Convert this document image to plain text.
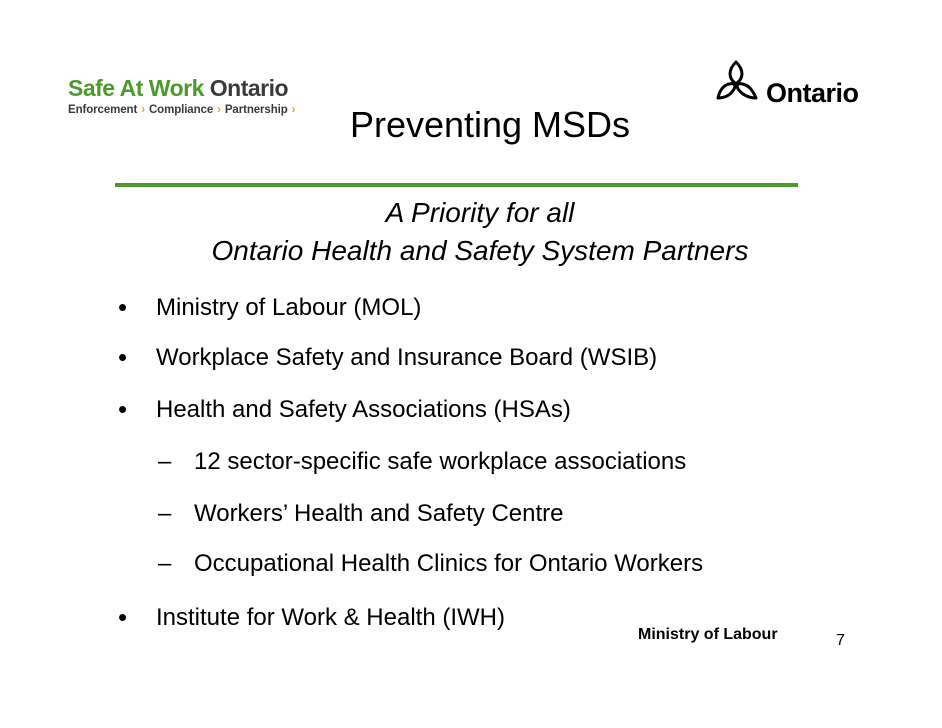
Safe At Work Ontario
Enforcement › Compliance › Partnership ›
Ontario
Preventing MSDs
A Priority for all
Ontario Health and Safety System Partners
•	Ministry of Labour (MOL)
•	Workplace Safety and Insurance Board (WSIB)
•	Health and Safety Associations (HSAs)
– 12 sector-specific safe workplace associations
– Workers’ Health and Safety Centre
– Occupational Health Clinics for Ontario Workers
•	Institute for Work & Health (IWH)
Ministry of Labour	7
